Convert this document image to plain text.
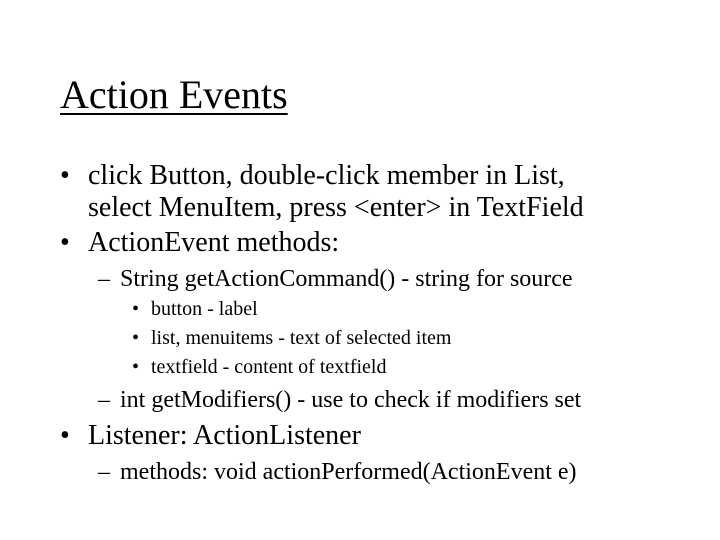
Action Events
• click Button, double-click member in List,
select MenuItem, press <enter> in TextField
• ActionEvent methods:
– String getActionCommand() - string for source
• button - label
• list, menuitems - text of selected item
• textfield - content of textfield
– int getModifiers() - use to check if modifiers set
• Listener: ActionListener
– methods: void actionPerformed(ActionEvent e)
